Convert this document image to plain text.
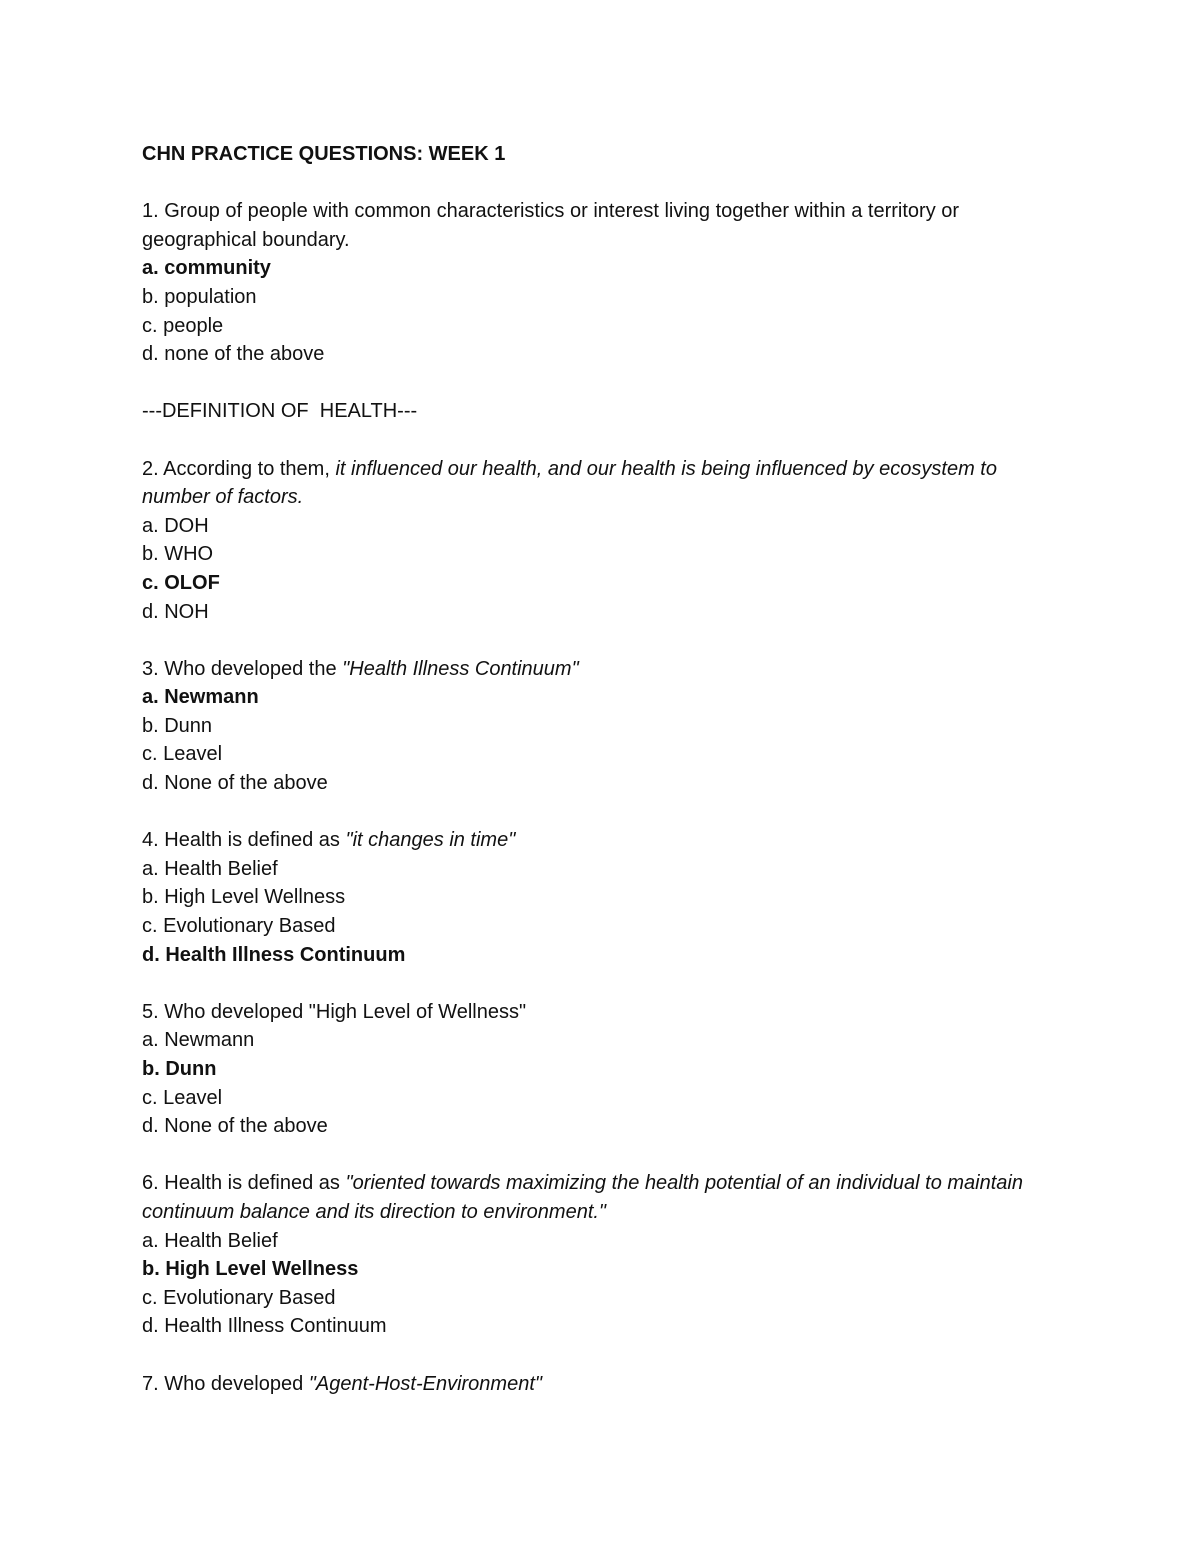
CHN PRACTICE QUESTIONS: WEEK 1

1. Group of people with common characteristics or interest living together within a territory or geographical boundary.

a. community

b. population

c. people

d. none of the above

---DEFINITION OF  HEALTH---

2. According to them, it influenced our health, and our health is being influenced by ecosystem to number of factors.

a. DOH

b. WHO

c. OLOF

d. NOH

3. Who developed the "Health Illness Continuum"

a. Newmann

b. Dunn

c. Leavel

d. None of the above

4. Health is defined as "it changes in time"

a. Health Belief

b. High Level Wellness

c. Evolutionary Based

d. Health Illness Continuum

5. Who developed "High Level of Wellness"

a. Newmann

b. Dunn

c. Leavel

d. None of the above

6. Health is defined as "oriented towards maximizing the health potential of an individual to maintain continuum balance and its direction to environment."

a. Health Belief

b. High Level Wellness

c. Evolutionary Based

d. Health Illness Continuum

7. Who developed "Agent-Host-Environment"
